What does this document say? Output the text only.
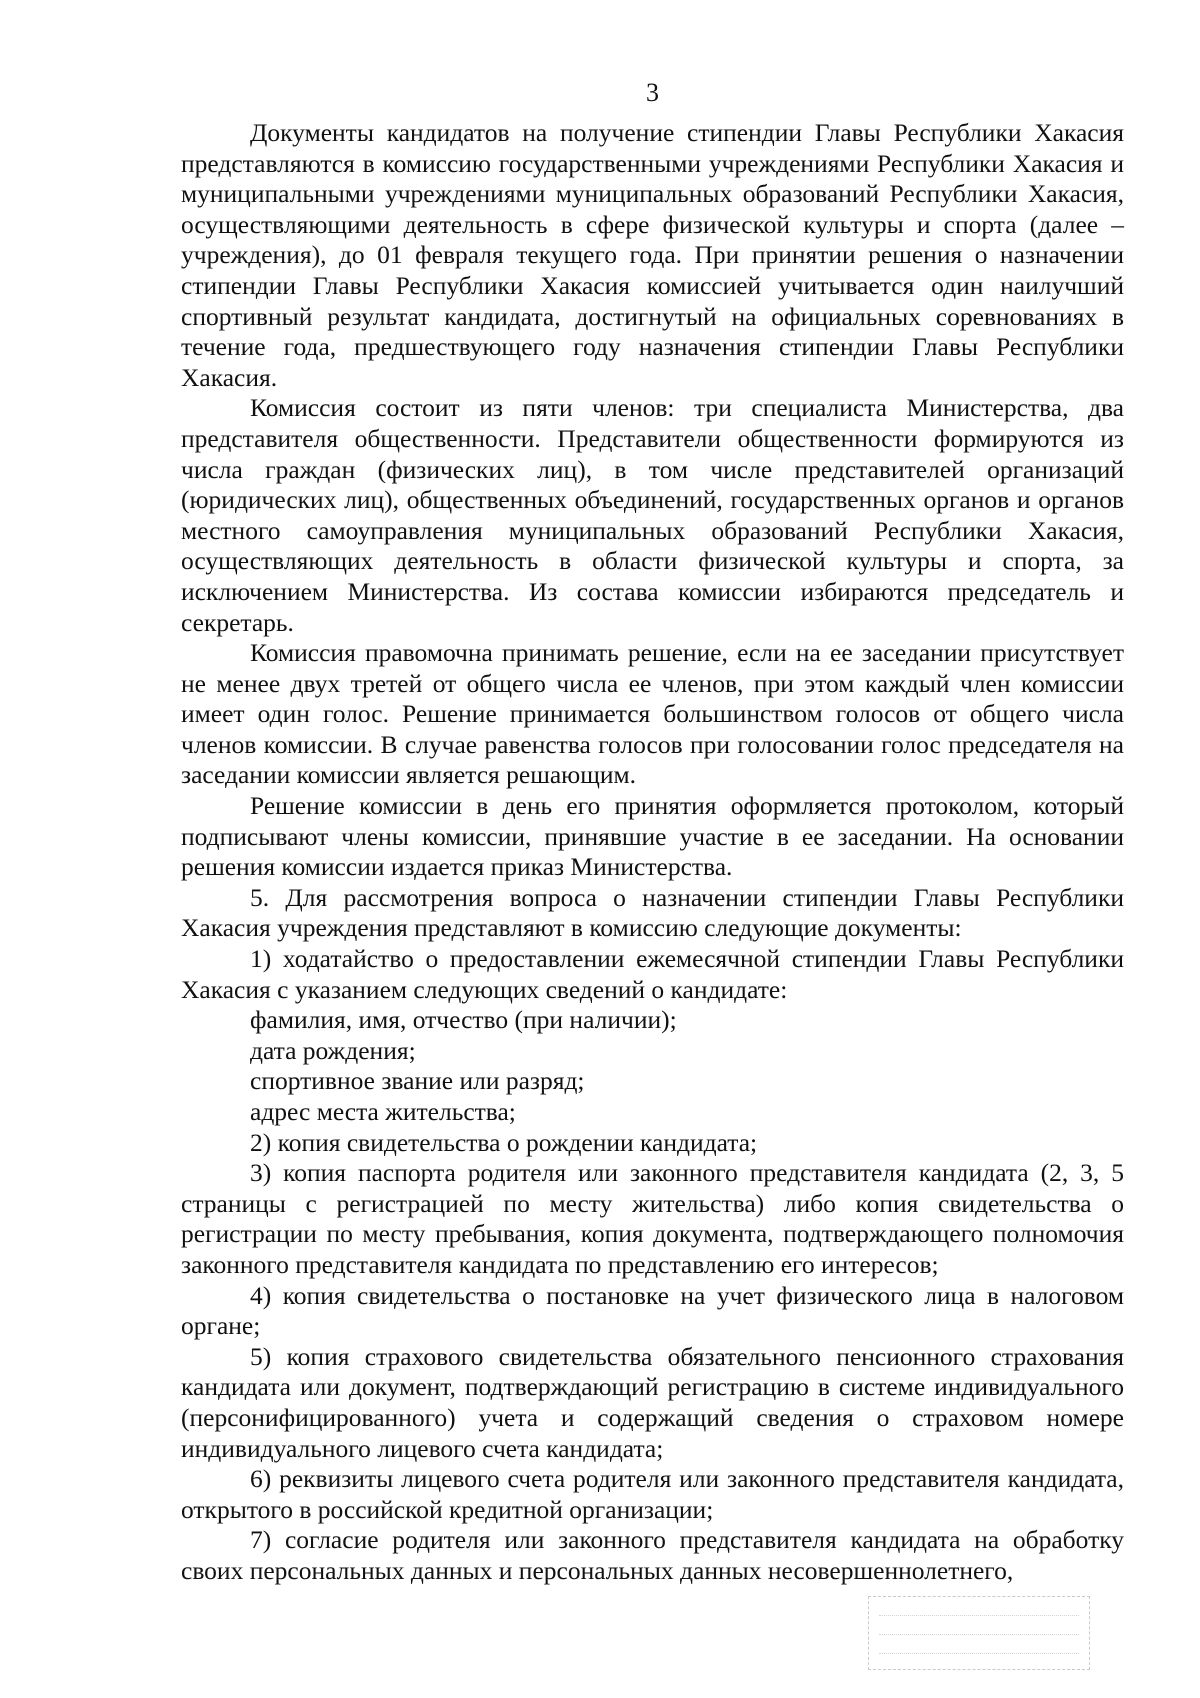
3

Документы кандидатов на получение стипендии Главы Республики Хакасия представляются в комиссию государственными учреждениями Республики Хакасия и муниципальными учреждениями муниципальных образований Республики Хакасия, осуществляющими деятельность в сфере физической культуры и спорта (далее – учреждения), до 01 февраля текущего года. При принятии решения о назначении стипендии Главы Республики Хакасия комиссией учитывается один наилучший спортивный результат кандидата, достигнутый на официальных соревнованиях в течение года, предшествующего году назначения стипендии Главы Республики Хакасия.

Комиссия состоит из пяти членов: три специалиста Министерства, два представителя общественности. Представители общественности формируются из числа граждан (физических лиц), в том числе представителей организаций (юридических лиц), общественных объединений, государственных органов и органов местного самоуправления муниципальных образований Республики Хакасия, осуществляющих деятельность в области физической культуры и спорта, за исключением Министерства. Из состава комиссии избираются председатель и секретарь.

Комиссия правомочна принимать решение, если на ее заседании присутствует не менее двух третей от общего числа ее членов, при этом каждый член комиссии имеет один голос. Решение принимается большинством голосов от общего числа членов комиссии. В случае равенства голосов при голосовании голос председателя на заседании комиссии является решающим.

Решение комиссии в день его принятия оформляется протоколом, который подписывают члены комиссии, принявшие участие в ее заседании. На основании решения комиссии издается приказ Министерства.

5. Для рассмотрения вопроса о назначении стипендии Главы Республики Хакасия учреждения представляют в комиссию следующие документы:

1) ходатайство о предоставлении ежемесячной стипендии Главы Республики Хакасия с указанием следующих сведений о кандидате:

фамилия, имя, отчество (при наличии);

дата рождения;

спортивное звание или разряд;

адрес места жительства;

2) копия свидетельства о рождении кандидата;

3) копия паспорта родителя или законного представителя кандидата (2, 3, 5 страницы с регистрацией по месту жительства) либо копия свидетельства о регистрации по месту пребывания, копия документа, подтверждающего полномочия законного представителя кандидата по представлению его интересов;

4) копия свидетельства о постановке на учет физического лица в налоговом органе;

5) копия страхового свидетельства обязательного пенсионного страхования кандидата или документ, подтверждающий регистрацию в системе индивидуального (персонифицированного) учета и содержащий сведения о страховом номере индивидуального лицевого счета кандидата;

6) реквизиты лицевого счета родителя или законного представителя кандидата, открытого в российской кредитной организации;

7) согласие родителя или законного представителя кандидата на обработку своих персональных данных и персональных данных несовершеннолетнего,
